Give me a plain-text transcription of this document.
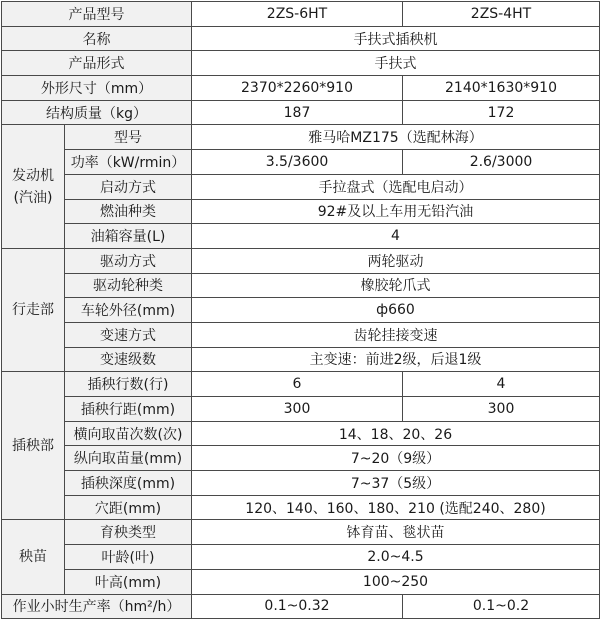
产品型号		2ZS-6HT	2ZS-4HT
名称		手扶式插秧机	
产品形式		手扶式	
外形尺寸（mm）		2370*2260*910	2140*1630*910
结构质量（kg）		187	172

发动机
(汽油)	型号	雅马哈MZ175（选配林海）	
	功率（kW/rmin）	3.5/3600	2.6/3000
	启动方式	手拉盘式（选配电启动）	
	燃油种类	92#及以上车用无铅汽油	
	油箱容量(L)	4	
行走部	驱动方式	两轮驱动	
	驱动轮种类	橡胶轮爪式	
	车轮外径(mm)	ф660	
	变速方式	齿轮挂接变速	
	变速级数	主变速：前进2级，后退1级	
插秧部	插秧行数(行)	6	4
	插秧行距(mm)	300	300
	横向取苗次数(次)	14、18、20、26	
	纵向取苗量(mm)	7~20（9级）	
	插秧深度(mm)	7~37（5级）	
	穴距(mm)	120、140、160、180、210 (选配240、280)	
秧苗	育秧类型	钵育苗、毯状苗	
	叶龄(叶)	2.0~4.5	
	叶高(mm)	100~250	
作业小时生产率（hm²/h）		0.1~0.32	0.1~0.2
